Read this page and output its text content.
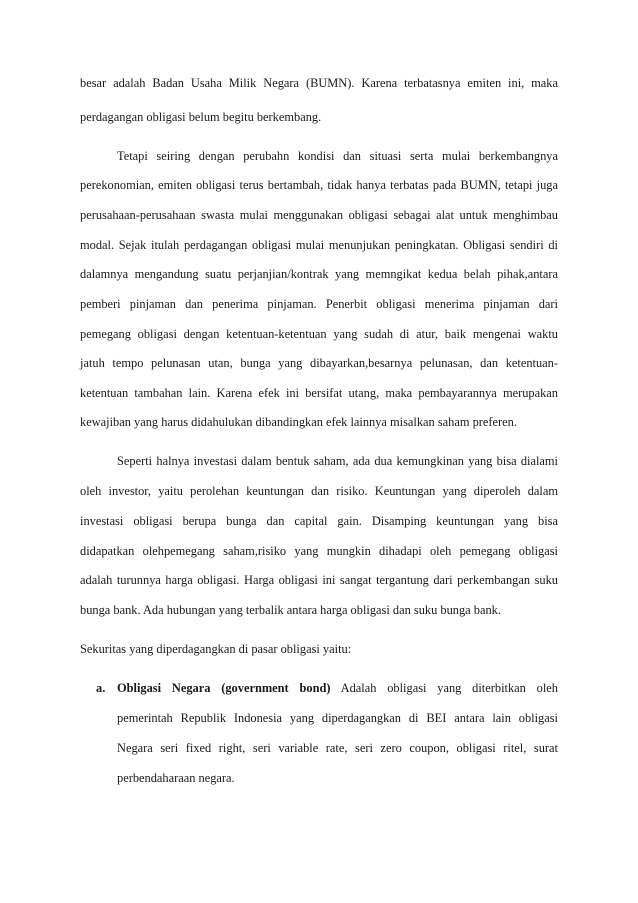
besar adalah Badan Usaha Milik Negara (BUMN). Karena terbatasnya emiten ini, maka
perdagangan obligasi belum begitu berkembang.
Tetapi seiring dengan perubahn kondisi dan situasi serta mulai berkembangnya
perekonomian, emiten obligasi terus bertambah, tidak hanya terbatas pada BUMN, tetapi juga
perusahaan-perusahaan swasta mulai menggunakan obligasi sebagai alat untuk menghimbau
modal. Sejak itulah perdagangan obligasi mulai menunjukan peningkatan. Obligasi sendiri di
dalamnya mengandung suatu perjanjian/kontrak yang memngikat kedua belah pihak,antara
pemberi pinjaman dan penerima pinjaman. Penerbit obligasi menerima pinjaman dari
pemegang obligasi dengan ketentuan-ketentuan yang sudah di atur, baik mengenai waktu
jatuh tempo pelunasan utan, bunga yang dibayarkan,besarnya pelunasan, dan ketentuan-
ketentuan tambahan lain. Karena efek ini bersifat utang, maka pembayarannya merupakan
kewajiban yang harus didahulukan dibandingkan efek lainnya misalkan saham preferen.
Seperti halnya investasi dalam bentuk saham, ada dua kemungkinan yang bisa dialami
oleh investor, yaitu perolehan keuntungan dan risiko. Keuntungan yang diperoleh dalam
investasi obligasi berupa bunga dan capital gain. Disamping keuntungan yang bisa
didapatkan olehpemegang saham,risiko yang mungkin dihadapi oleh pemegang obligasi
adalah turunnya harga obligasi. Harga obligasi ini sangat tergantung dari perkembangan suku
bunga bank. Ada hubungan yang terbalik antara harga obligasi dan suku bunga bank.
Sekuritas yang diperdagangkan di pasar obligasi yaitu:
a. Obligasi Negara (government bond) Adalah obligasi yang diterbitkan oleh
pemerintah Republik Indonesia yang diperdagangkan di BEI antara lain obligasi
Negara seri fixed right, seri variable rate, seri zero coupon, obligasi ritel, surat
perbendaharaan negara.
